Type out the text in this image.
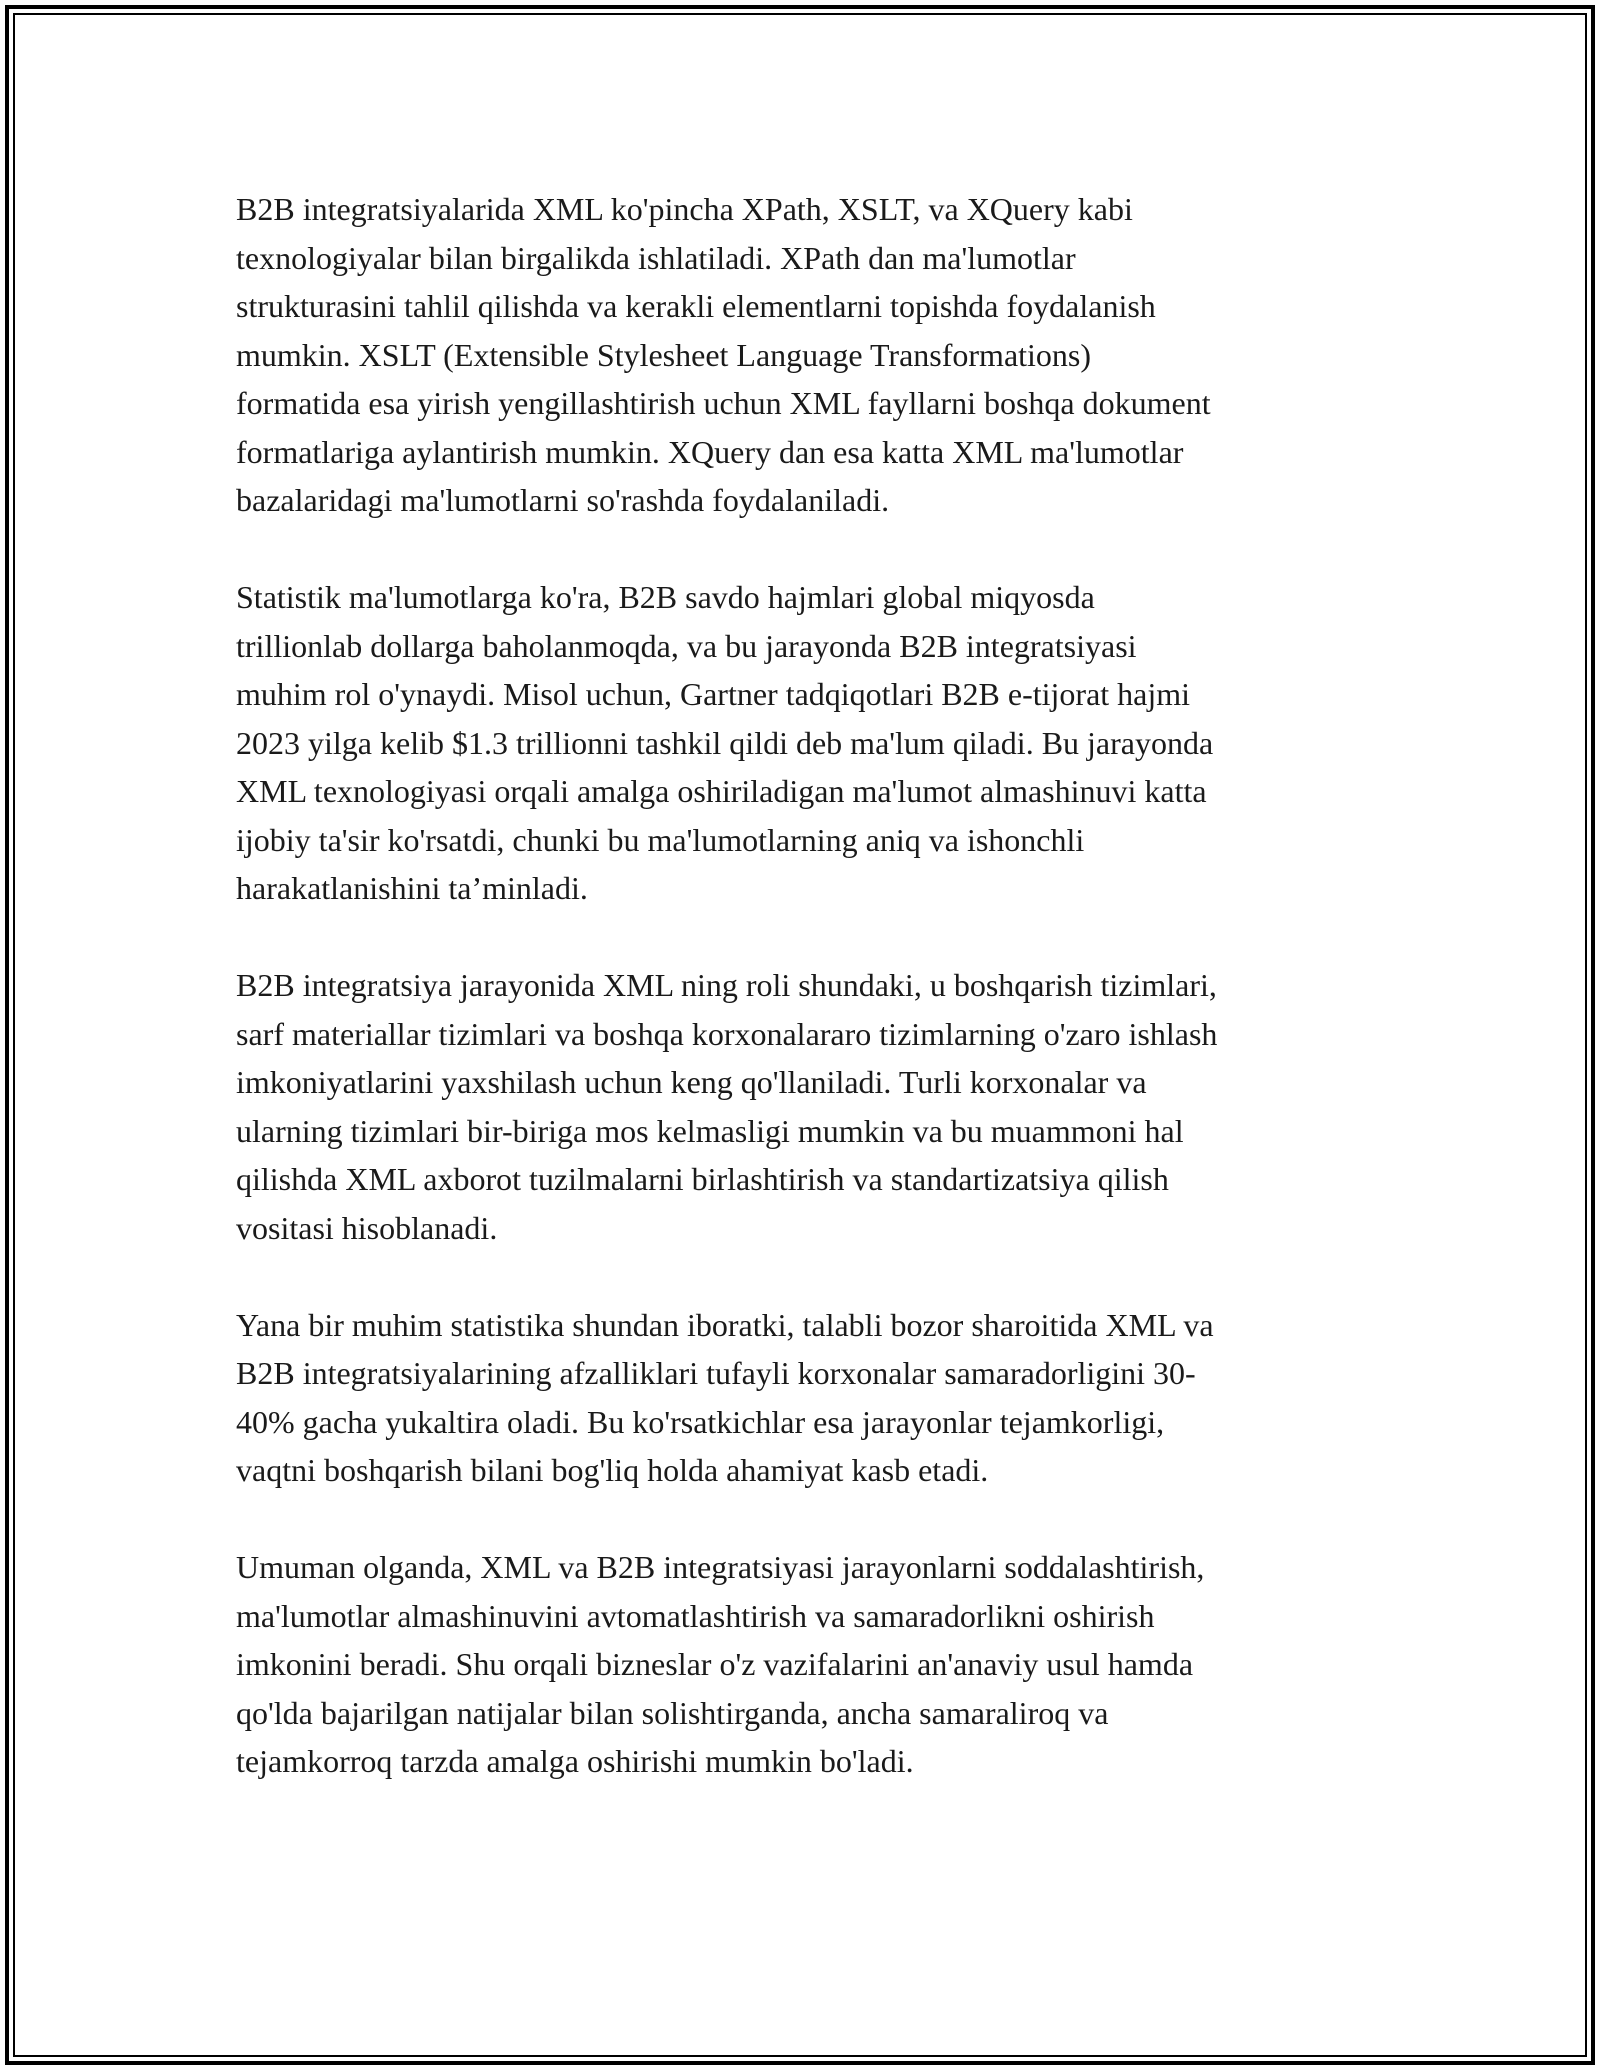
B2B integratsiyalarida XML ko'pincha XPath, XSLT, va XQuery kabi
texnologiyalar bilan birgalikda ishlatiladi. XPath dan ma'lumotlar
strukturasini tahlil qilishda va kerakli elementlarni topishda foydalanish
mumkin. XSLT (Extensible Stylesheet Language Transformations)
formatida esa yirish yengillashtirish uchun XML fayllarni boshqa dokument
formatlariga aylantirish mumkin. XQuery dan esa katta XML ma'lumotlar
bazalaridagi ma'lumotlarni so'rashda foydalaniladi.

Statistik ma'lumotlarga ko'ra, B2B savdo hajmlari global miqyosda
trillionlab dollarga baholanmoqda, va bu jarayonda B2B integratsiyasi
muhim rol o'ynaydi. Misol uchun, Gartner tadqiqotlari B2B e-tijorat hajmi
2023 yilga kelib $1.3 trillionni tashkil qildi deb ma'lum qiladi. Bu jarayonda
XML texnologiyasi orqali amalga oshiriladigan ma'lumot almashinuvi katta
ijobiy ta'sir ko'rsatdi, chunki bu ma'lumotlarning aniq va ishonchli
harakatlanishini ta’minladi.

B2B integratsiya jarayonida XML ning roli shundaki, u boshqarish tizimlari,
sarf materiallar tizimlari va boshqa korxonalararo tizimlarning o'zaro ishlash
imkoniyatlarini yaxshilash uchun keng qo'llaniladi. Turli korxonalar va
ularning tizimlari bir-biriga mos kelmasligi mumkin va bu muammoni hal
qilishda XML axborot tuzilmalarni birlashtirish va standartizatsiya qilish
vositasi hisoblanadi.

Yana bir muhim statistika shundan iboratki, talabli bozor sharoitida XML va
B2B integratsiyalarining afzalliklari tufayli korxonalar samaradorligini 30-
40% gacha yukaltira oladi. Bu ko'rsatkichlar esa jarayonlar tejamkorligi,
vaqtni boshqarish bilani bog'liq holda ahamiyat kasb etadi.

Umuman olganda, XML va B2B integratsiyasi jarayonlarni soddalashtirish,
ma'lumotlar almashinuvini avtomatlashtirish va samaradorlikni oshirish
imkonini beradi. Shu orqali bizneslar o'z vazifalarini an'anaviy usul hamda
qo'lda bajarilgan natijalar bilan solishtirganda, ancha samaraliroq va
tejamkorroq tarzda amalga oshirishi mumkin bo'ladi.
